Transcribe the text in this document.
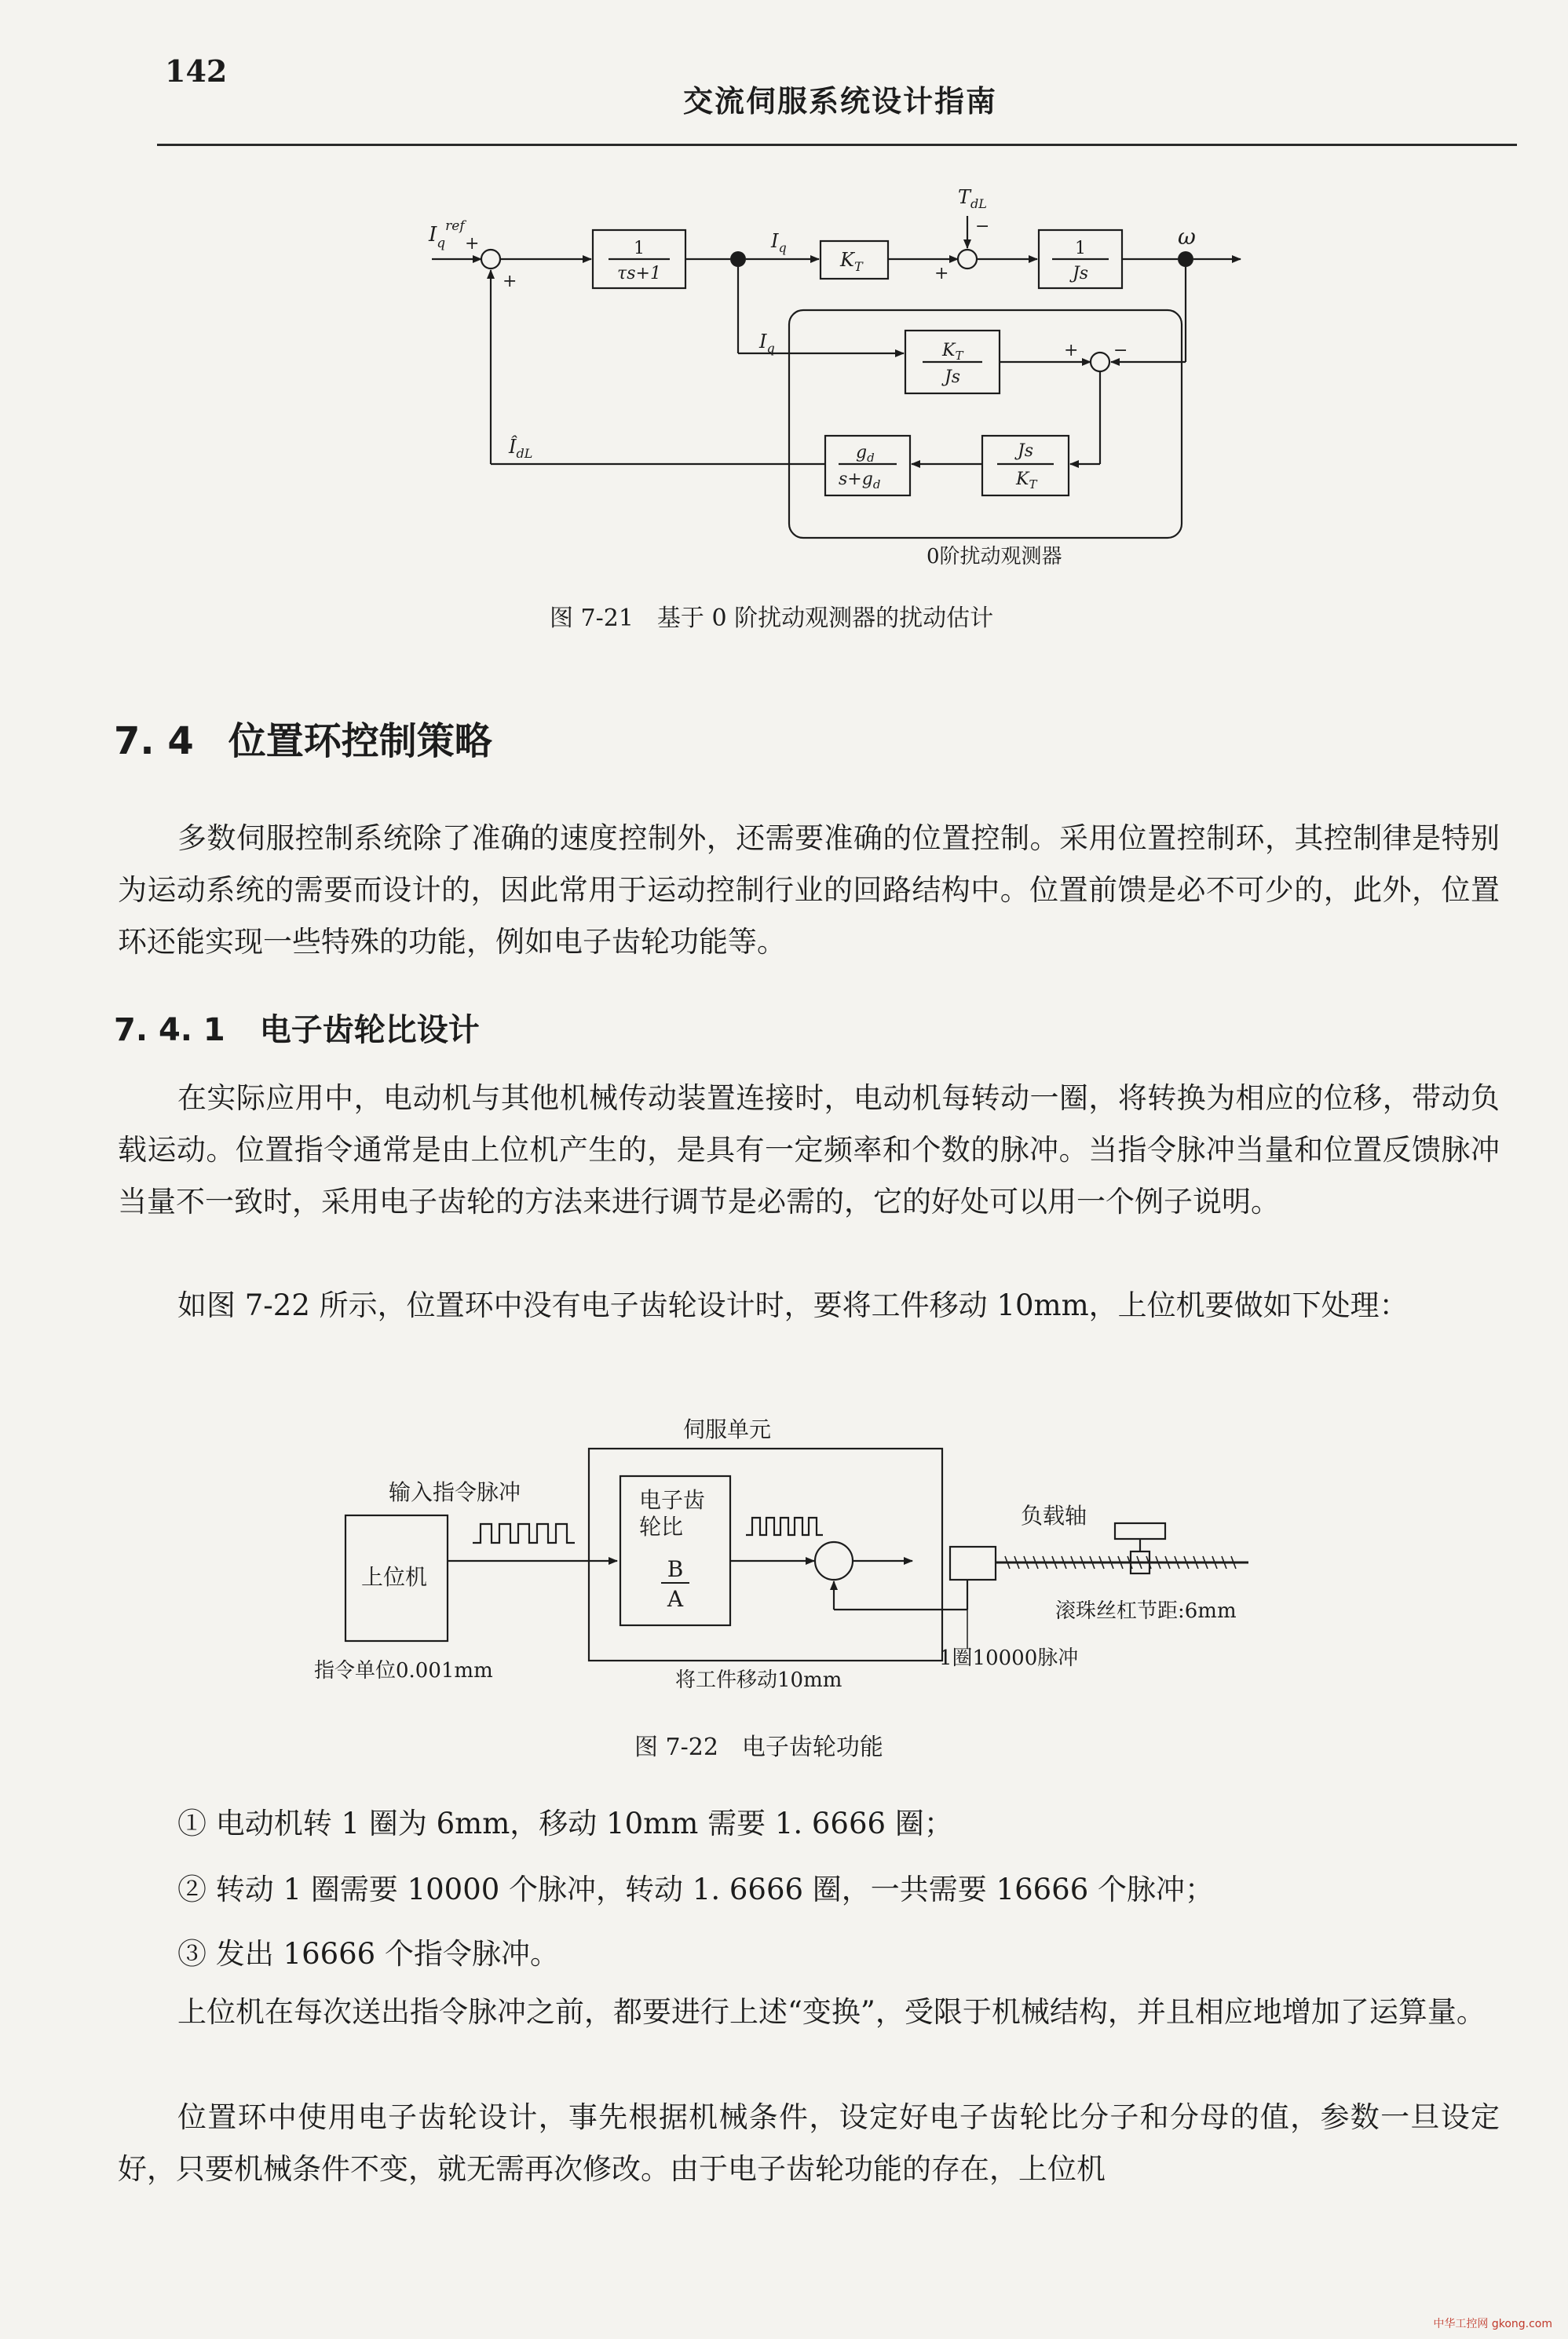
142
交流伺服系统设计指南
$I_q^{ref}$
+
+
1
τs+1
$I_q$
$K_T$
$T_{dL}$
−
+
1
Js
ω
$I_q$	$K_T$
Js
+ −
$Î_{dL}$	$g_d$
$s+g_d$
Js
$K_T$
0阶扰动观测器
图 7-21　基于 0 阶扰动观测器的扰动估计
7. 4 位置环控制策略
多数伺服控制系统除了准确的速度控制外，还需要准确的位置控制。采用位置控制环，其控制律是特别为运动系统的需要而设计的，因此常用于运动控制行业的回路结构中。位置前馈是必不可少的，此外，位置环还能实现一些特殊的功能，例如电子齿轮功能等。
7. 4. 1 电子齿轮比设计
在实际应用中，电动机与其他机械传动装置连接时，电动机每转动一圈，将转换为相应的位移，带动负载运动。位置指令通常是由上位机产生的，是具有一定频率和个数的脉冲。当指令脉冲当量和位置反馈脉冲当量不一致时，采用电子齿轮的方法来进行调节是必需的，它的好处可以用一个例子说明。
如图 7-22 所示，位置环中没有电子齿轮设计时，要将工件移动 10mm，上位机要做如下处理：
伺服单元
输入指令脉冲
上位机
电子齿
轮比
B
A
负载轴
滚珠丝杠节距:6mm
指令单位0.001mm	将工件移动10mm
1圈10000脉冲
图 7-22　电子齿轮功能
① 电动机转 1 圈为 6mm，移动 10mm 需要 1. 6666 圈；
② 转动 1 圈需要 10000 个脉冲，转动 1. 6666 圈，一共需要 16666 个脉冲；
③ 发出 16666 个指令脉冲。
上位机在每次送出指令脉冲之前，都要进行上述“变换”，受限于机械结构，并且相应地增加了运算量。
位置环中使用电子齿轮设计，事先根据机械条件，设定好电子齿轮比分子和分母的值，参数一旦设定好，只要机械条件不变，就无需再次修改。由于电子齿轮功能的存在，上位机
中华工控网 gkong.com
